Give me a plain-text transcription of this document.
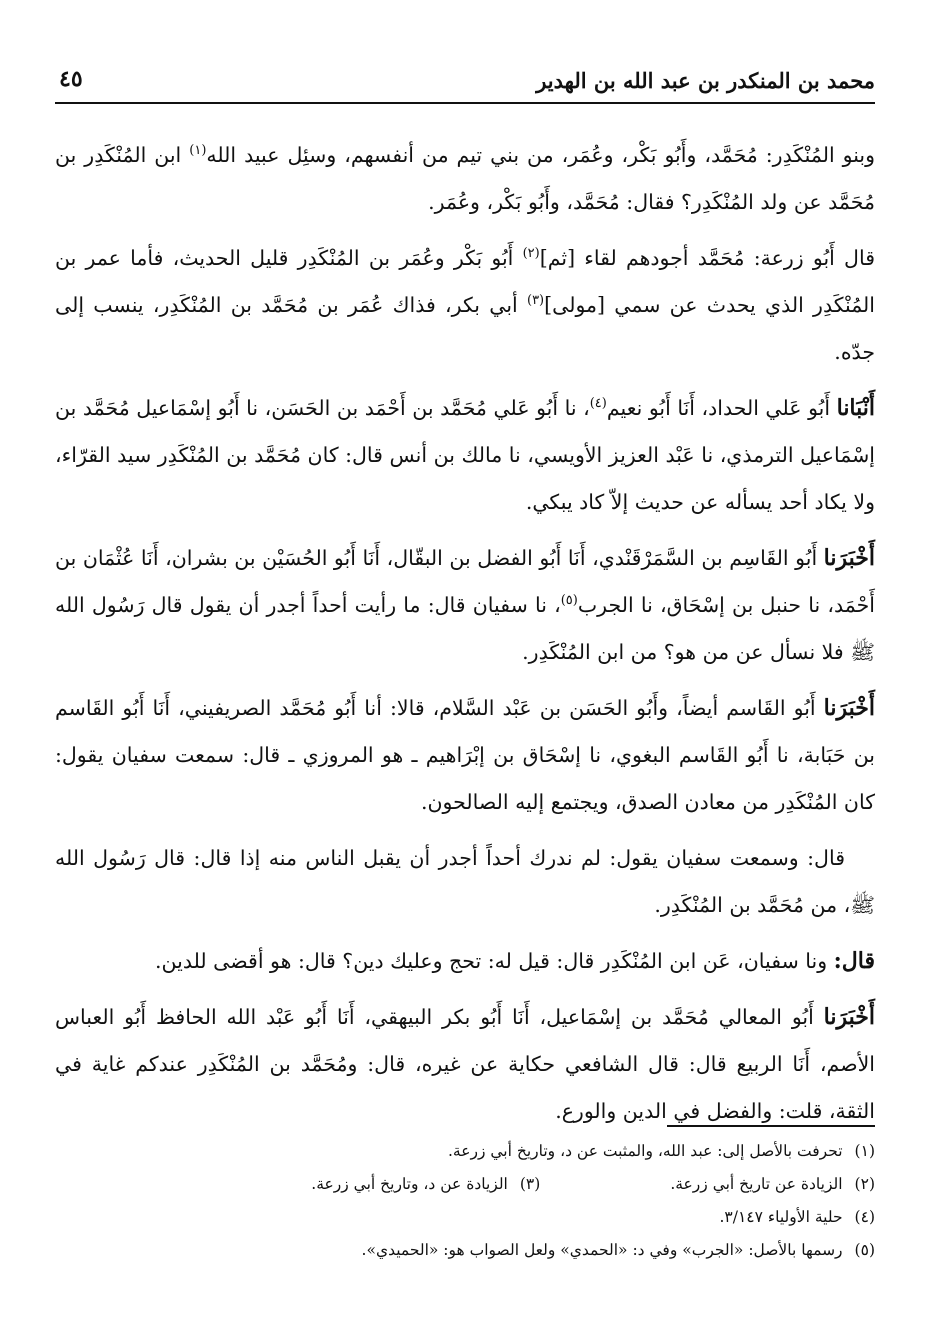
محمد بن المنكدر بن عبد الله بن الهدير
٤٥

وبنو المُنْكَدِر: مُحَمَّد، وأَبُو بَكْر، وعُمَر، من بني تيم من أنفسهم، وسئِل عبيد الله$^{(١)}$ ابن المُنْكَدِر بن مُحَمَّد عن ولد المُنْكَدِر؟ فقال: مُحَمَّد، وأَبُو بَكْر، وعُمَر.

قال أَبُو زرعة: مُحَمَّد أجودهم لقاء [ثم]$^{(٢)}$ أَبُو بَكْر وعُمَر بن المُنْكَدِر قليل الحديث، فأما عمر بن المُنْكَدِر الذي يحدث عن سمي [مولى]$^{(٣)}$ أبي بكر، فذاك عُمَر بن مُحَمَّد بن المُنْكَدِر، ينسب إلى جدّه.

أَنْبَانا أَبُو عَلي الحداد، أَنَا أَبُو نعيم$^{(٤)}$، نا أَبُو عَلي مُحَمَّد بن أَحْمَد بن الحَسَن، نا أَبُو إسْمَاعيل مُحَمَّد بن إسْمَاعيل الترمذي، نا عَبْد العزيز الأويسي، نا مالك بن أنس قال: كان مُحَمَّد بن المُنْكَدِر سيد القرّاء، ولا يكاد أحد يسأله عن حديث إلاّ كاد يبكي.

أَخْبَرَنا أَبُو القَاسِم بن السَّمَرْقَنْدي، أَنَا أَبُو الفضل بن البقّال، أَنَا أَبُو الحُسَيْن بن بشران، أَنَا عُثْمَان بن أَحْمَد، نا حنبل بن إسْحَاق، نا الجرب$^{(٥)}$، نا سفيان قال: ما رأيت أحداً أجدر أن يقول قال رَسُول الله ﷺ فلا نسأل عن من هو؟ من ابن المُنْكَدِر.

أَخْبَرَنا أَبُو القَاسم أيضاً، وأَبُو الحَسَن بن عَبْد السَّلام، قالا: أنا أَبُو مُحَمَّد الصريفيني، أَنَا أَبُو القَاسم بن حَبَابة، نا أَبُو القَاسم البغوي، نا إسْحَاق بن إبْرَاهيم ـ هو المروزي ـ قال: سمعت سفيان يقول: كان المُنْكَدِر من معادن الصدق، ويجتمع إليه الصالحون.

قال: وسمعت سفيان يقول: لم ندرك أحداً أجدر أن يقبل الناس منه إذا قال: قال رَسُول الله ﷺ، من مُحَمَّد بن المُنْكَدِر.

قال: ونا سفيان، عَن ابن المُنْكَدِر قال: قيل له: تحج وعليك دين؟ قال: هو أقضى للدين.

أَخْبَرَنا أَبُو المعالي مُحَمَّد بن إسْمَاعيل، أَنَا أَبُو بكر البيهقي، أَنَا أَبُو عَبْد الله الحافظ أَبُو العباس الأصم، أَنَا الربيع قال: قال الشافعي حكاية عن غيره، قال: ومُحَمَّد بن المُنْكَدِر عندكم غاية في الثقة، قلت: والفضل في الدين والورع.

(١)
تحرفت بالأصل إلى: عبد الله، والمثبت عن د، وتاريخ أبي زرعة.
(٢)
الزيادة عن تاريخ أبي زرعة.
(٣)
الزيادة عن د، وتاريخ أبي زرعة.
(٤)
حلية الأولياء ٣/١٤٧.
(٥)
رسمها بالأصل: «الجرب» وفي د: «الحمدي» ولعل الصواب هو: «الحميدي».
